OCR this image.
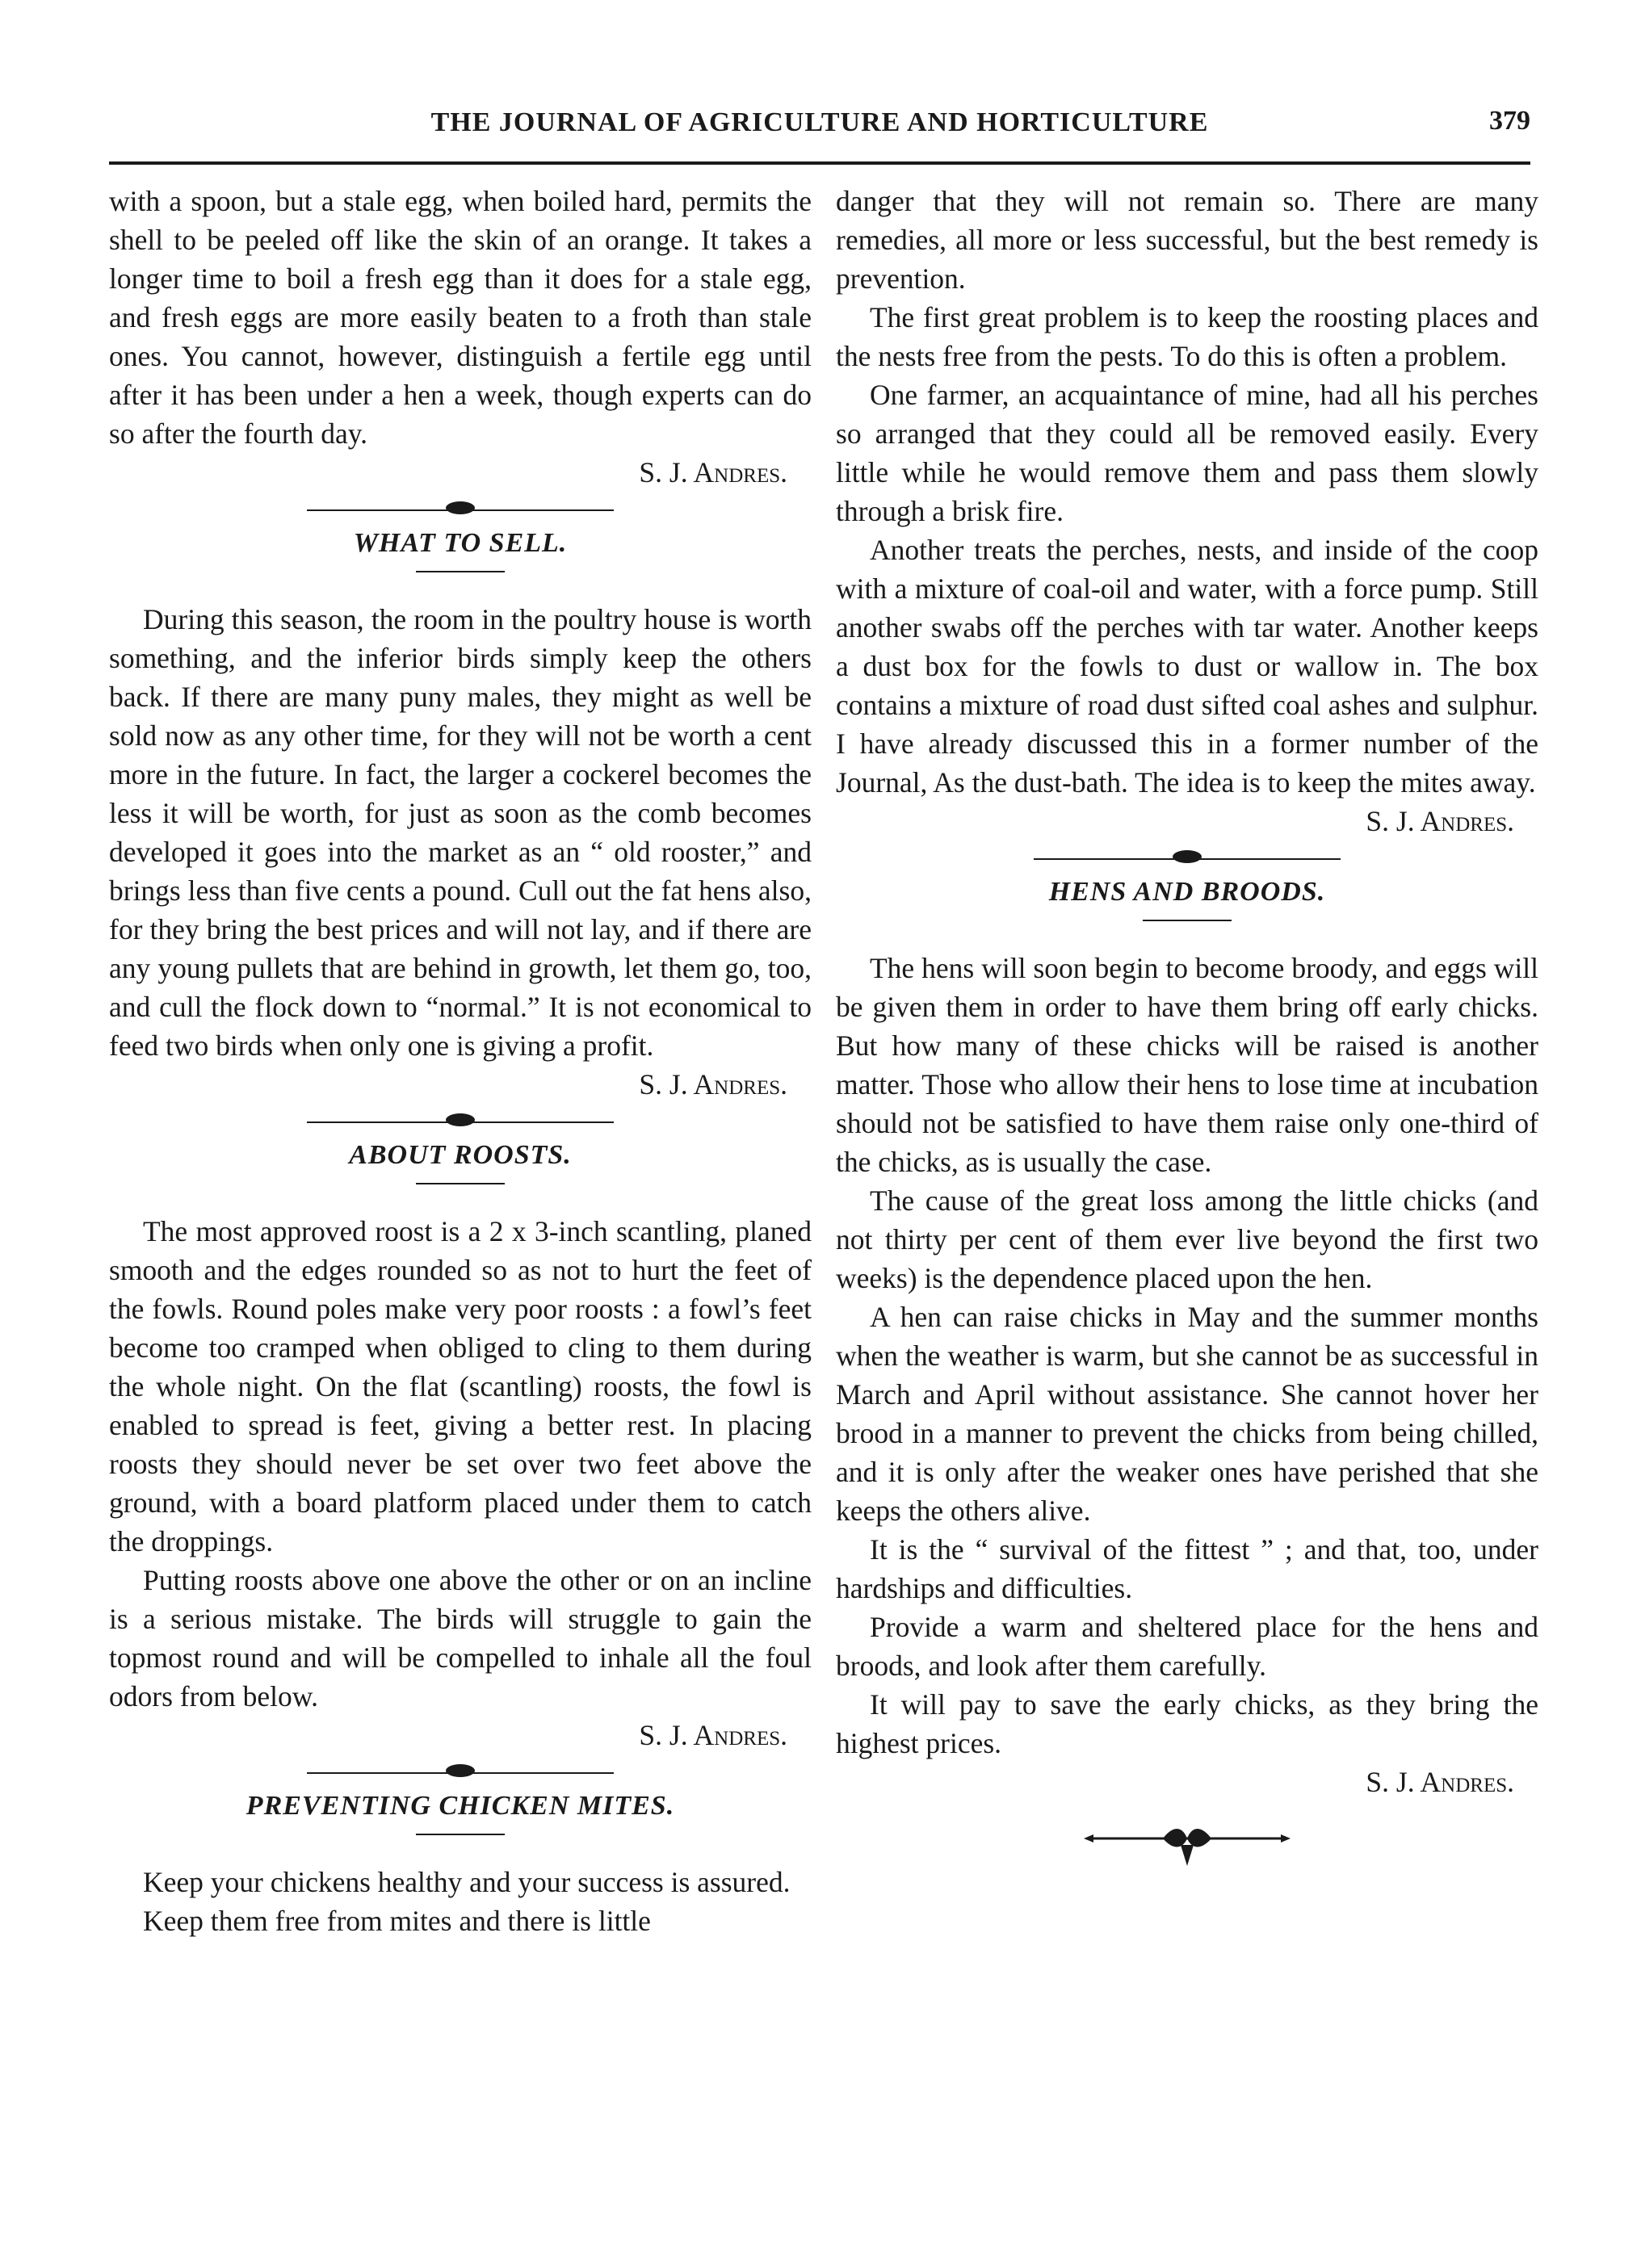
THE JOURNAL OF AGRICULTURE AND HORTICULTURE	379

with a spoon, but a stale egg, when boiled hard, permits the shell to be peeled off like the skin of an orange. It takes a longer time to boil a fresh egg than it does for a stale egg, and fresh eggs are more easily beaten to a froth than stale ones. You cannot, however, distinguish a fertile egg until after it has been under a hen a week, though experts can do so after the fourth day.

S. J. Andres.

WHAT TO SELL.

During this season, the room in the poultry house is worth something, and the inferior birds simply keep the others back. If there are many puny males, they might as well be sold now as any other time, for they will not be worth a cent more in the future. In fact, the larger a cockerel becomes the less it will be worth, for just as soon as the comb becomes developed it goes into the market as an “ old rooster,” and brings less than five cents a pound. Cull out the fat hens also, for they bring the best prices and will not lay, and if there are any young pullets that are behind in growth, let them go, too, and cull the flock down to “normal.” It is not economical to feed two birds when only one is giving a profit.

S. J. Andres.

ABOUT ROOSTS.

The most approved roost is a 2 x 3-inch scantling, planed smooth and the edges rounded so as not to hurt the feet of the fowls. Round poles make very poor roosts : a fowl’s feet become too cramped when obliged to cling to them during the whole night. On the flat (scantling) roosts, the fowl is enabled to spread is feet, giving a better rest. In placing roosts they should never be set over two feet above the ground, with a board platform placed under them to catch the droppings.

Putting roosts above one above the other or on an incline is a serious mistake. The birds will struggle to gain the topmost round and will be compelled to inhale all the foul odors from below.

S. J. Andres.

PREVENTING CHICKEN MITES.

Keep your chickens healthy and your success is assured.

Keep them free from mites and there is little

danger that they will not remain so. There are many remedies, all more or less successful, but the best remedy is prevention.

The first great problem is to keep the roosting places and the nests free from the pests. To do this is often a problem.

One farmer, an acquaintance of mine, had all his perches so arranged that they could all be removed easily. Every little while he would remove them and pass them slowly through a brisk fire.

Another treats the perches, nests, and inside of the coop with a mixture of coal-oil and water, with a force pump. Still another swabs off the perches with tar water. Another keeps a dust box for the fowls to dust or wallow in. The box contains a mixture of road dust sifted coal ashes and sulphur. I have already discussed this in a former number of the Journal, As the dust-bath. The idea is to keep the mites away.

S. J. Andres.

HENS AND BROODS.

The hens will soon begin to become broody, and eggs will be given them in order to have them bring off early chicks. But how many of these chicks will be raised is another matter. Those who allow their hens to lose time at incubation should not be satisfied to have them raise only one-third of the chicks, as is usually the case.

The cause of the great loss among the little chicks (and not thirty per cent of them ever live beyond the first two weeks) is the dependence placed upon the hen.

A hen can raise chicks in May and the summer months when the weather is warm, but she cannot be as successful in March and April without assistance. She cannot hover her brood in a manner to prevent the chicks from being chilled, and it is only after the weaker ones have perished that she keeps the others alive.

It is the “ survival of the fittest ” ; and that, too, under hardships and difficulties.

Provide a warm and sheltered place for the hens and broods, and look after them carefully.

It will pay to save the early chicks, as they bring the highest prices.

S. J. Andres.
